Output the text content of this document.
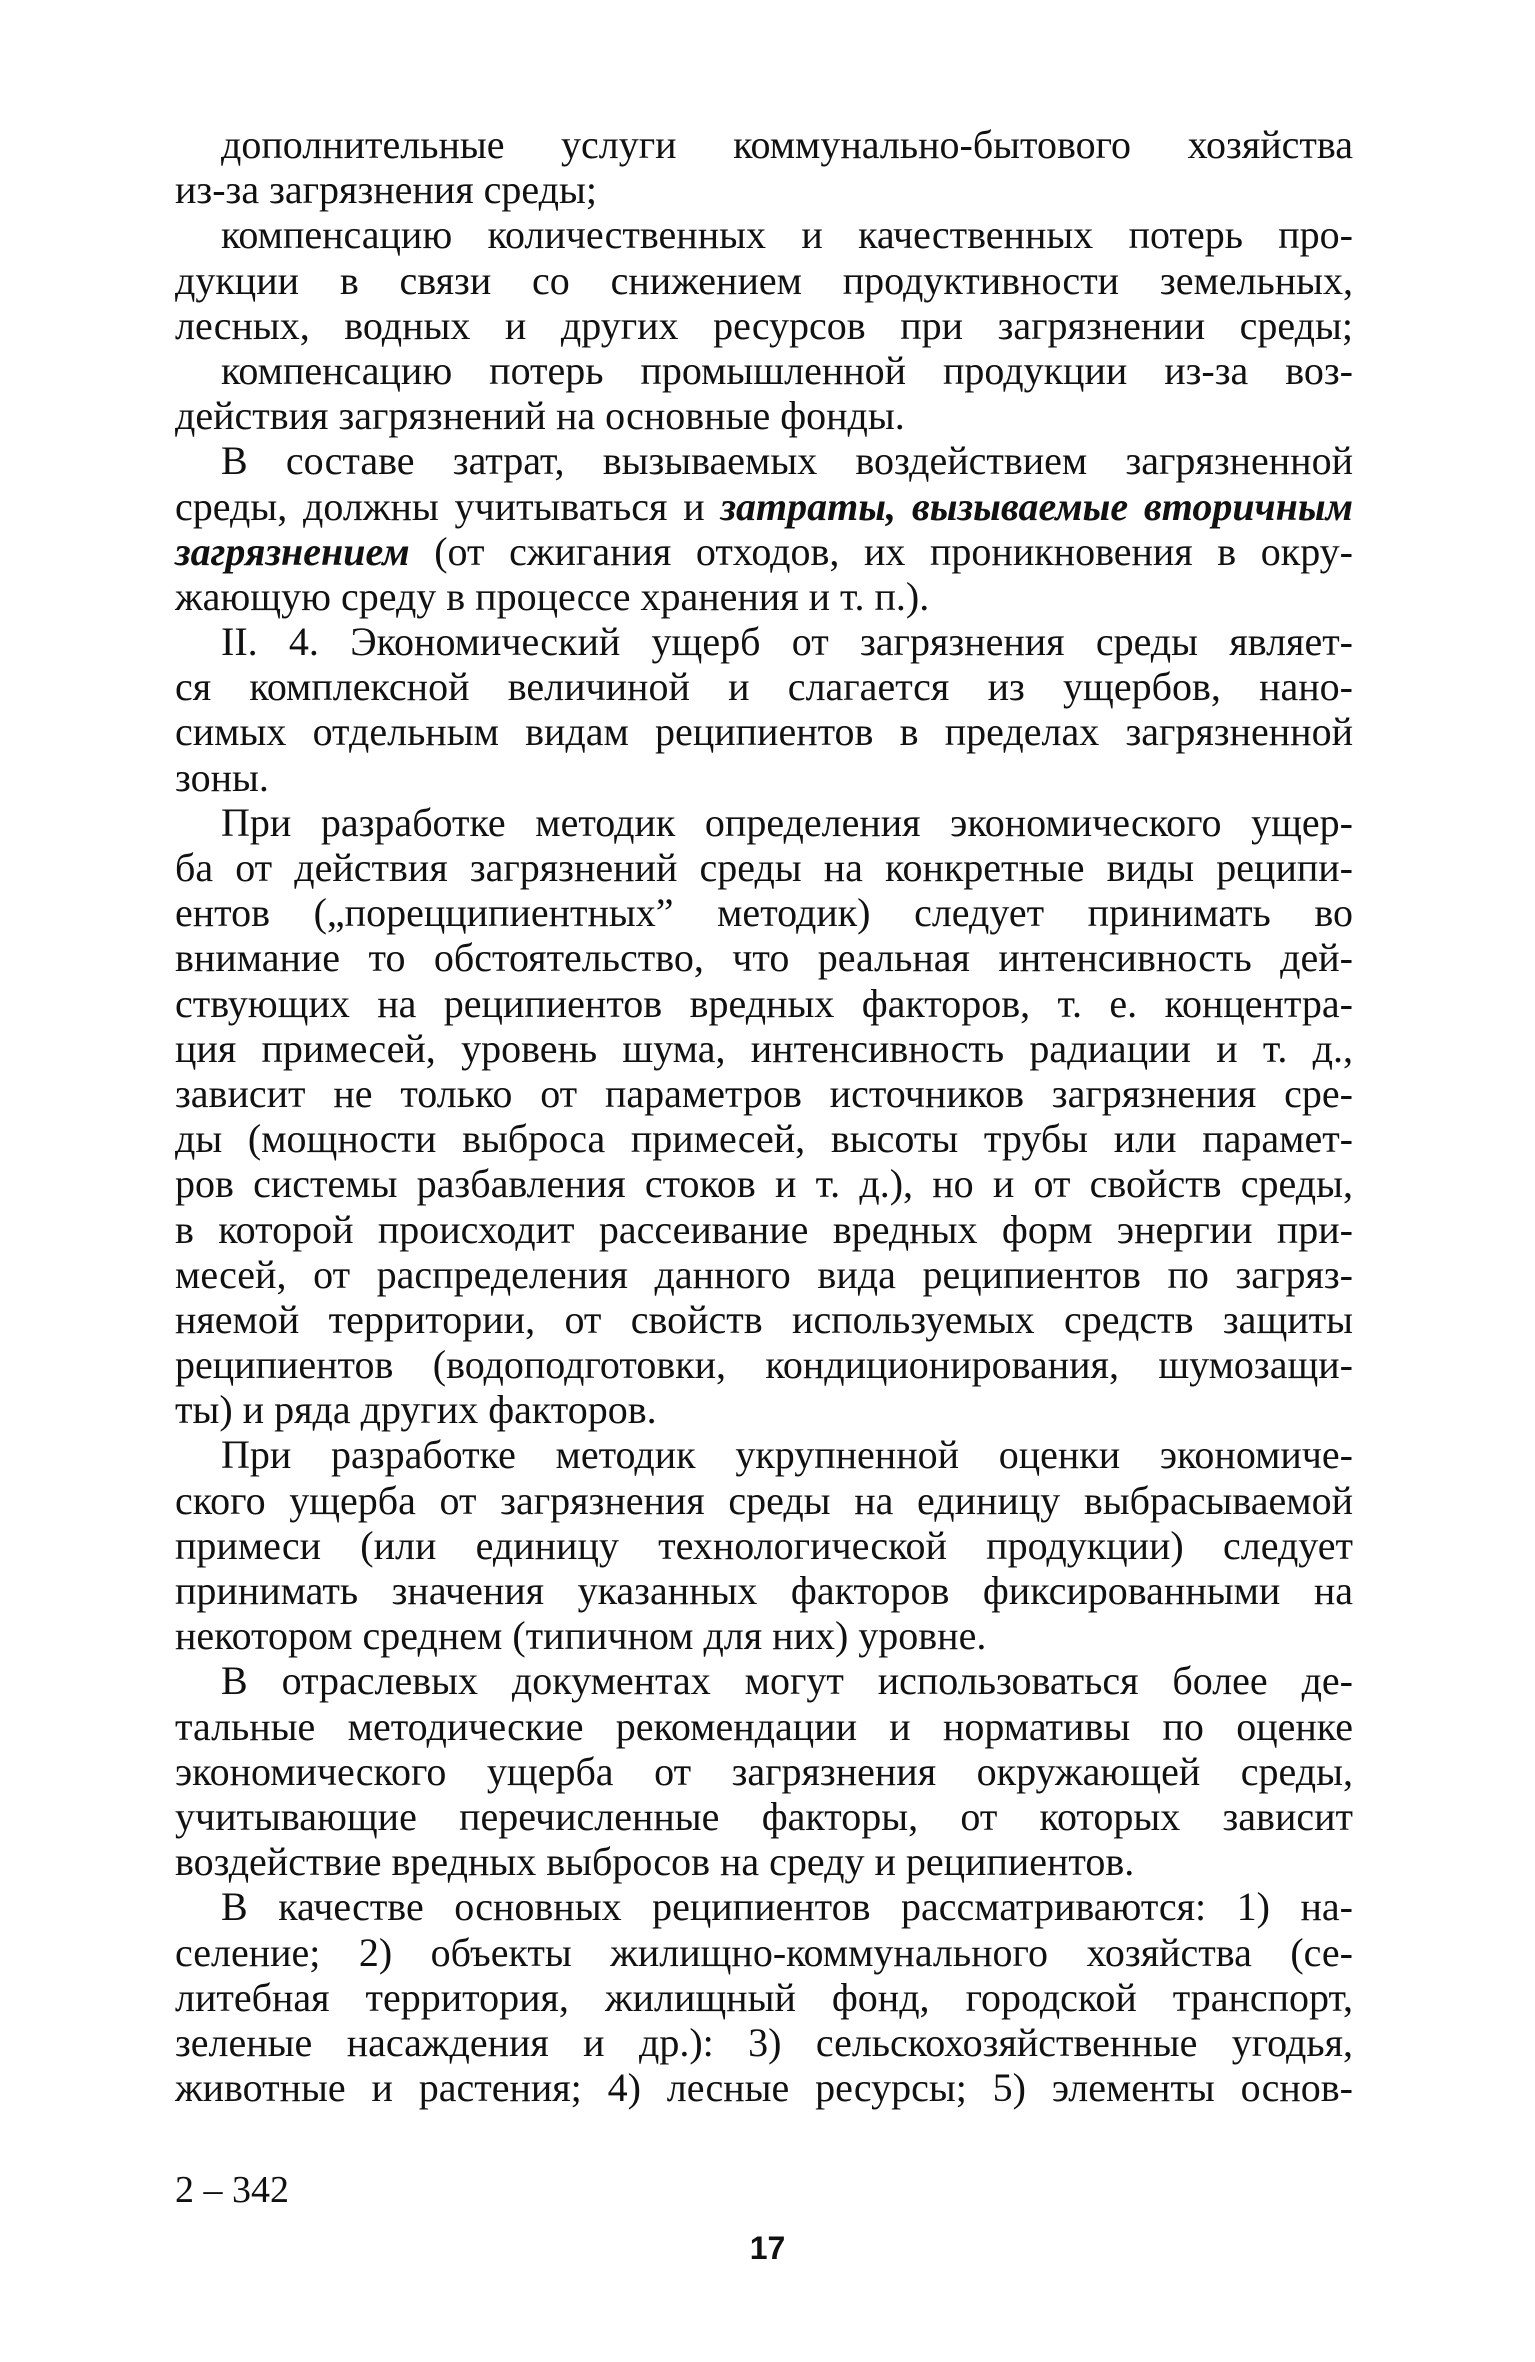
дополнительные услуги коммунально-бытового хозяйства
из-за загрязнения среды;
компенсацию количественных и качественных потерь про-
дукции в связи со снижением продуктивности земельных,
лесных, водных и других ресурсов при загрязнении среды;
компенсацию потерь промышленной продукции из-за воз-
действия загрязнений на основные фонды.
В составе затрат, вызываемых воздействием загрязненной
среды, должны учитываться и затраты, вызываемые вторичным
загрязнением (от сжигания отходов, их проникновения в окру-
жающую среду в процессе хранения и т. п.).
II. 4. Экономический ущерб от загрязнения среды являет-
ся комплексной величиной и слагается из ущербов, нано-
симых отдельным видам реципиентов в пределах загрязненной
зоны.
При разработке методик определения экономического ущер-
ба от действия загрязнений среды на конкретные виды реципи-
ентов („порецципиентных” методик) следует принимать во
внимание то обстоятельство, что реальная интенсивность дей-
ствующих на реципиентов вредных факторов, т. е. концентра-
ция примесей, уровень шума, интенсивность радиации и т. д.,
зависит не только от параметров источников загрязнения сре-
ды (мощности выброса примесей, высоты трубы или парамет-
ров системы разбавления стоков и т. д.), но и от свойств среды,
в которой происходит рассеивание вредных форм энергии при-
месей, от распределения данного вида реципиентов по загряз-
няемой территории, от свойств используемых средств защиты
реципиентов (водоподготовки, кондиционирования, шумозащи-
ты) и ряда других факторов.
При разработке методик укрупненной оценки экономиче-
ского ущерба от загрязнения среды на единицу выбрасываемой
примеси (или единицу технологической продукции) следует
принимать значения указанных факторов фиксированными на
некотором среднем (типичном для них) уровне.
В отраслевых документах могут использоваться более де-
тальные методические рекомендации и нормативы по оценке
экономического ущерба от загрязнения окружающей среды,
учитывающие перечисленные факторы, от которых зависит
воздействие вредных выбросов на среду и реципиентов.
В качестве основных реципиентов рассматриваются: 1) на-
селение; 2) объекты жилищно-коммунального хозяйства (се-
литебная территория, жилищный фонд, городской транспорт,
зеленые насаждения и др.): 3) сельскохозяйственные угодья,
животные и растения; 4) лесные ресурсы; 5) элементы основ-
2 – 342
17
